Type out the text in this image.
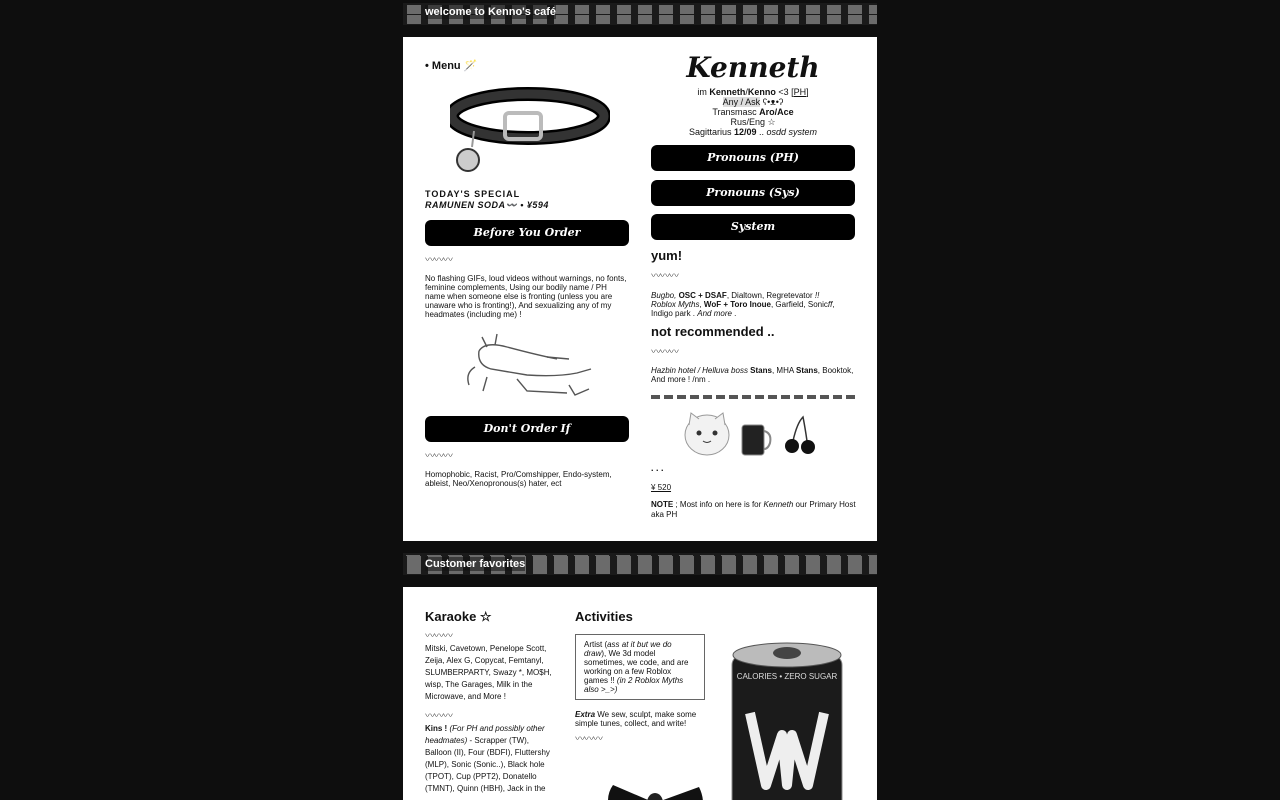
welcome to Kenno's café
• Menu 🪄
TODAY'S SPECIAL
RAMUNEN SODA〰️ • ¥594
Before You Order
〰〰〰
No flashing GIFs, loud videos without warnings, no fonts, feminine complements, Using our bodily name / PH name when someone else is fronting (unless you are unaware who is fronting!), And sexualizing any of my headmates (including me) !
Don't Order If
〰〰〰
Homophobic, Racist, Pro/Comshipper, Endo-system, ableist, Neo/Xenopronous(s) hater, ect
Kenneth
im Kenneth/Kenno <3 [PH]
Any / Ask ʕ•ᴥ•ʔ
Transmasc Aro/Ace
Rus/Eng ☆
Sagittarius 12/09 .. osdd system
Pronouns (PH)
Pronouns (Sys)
System
yum!
〰〰〰
Bugbo, OSC + DSAF, Dialtown, Regretevator !! Roblox Myths, WoF + Toro Inoue, Garfield, Sonicff, Indigo park . And more .
not recommended ..
〰〰〰
Hazbin hotel / Helluva boss Stans, MHA Stans, Booktok, And more ! /nm .
. . .
¥ 520
NOTE ; Most info on here is for Kenneth our Primary Host aka PH
Customer favorites
Karaoke ☆
〰〰〰
Mitski, Cavetown, Penelope Scott, Zeija, Alex G, Copycat, Femtanyl, SLUMBERPARTY, Swazy *, MO$H, wisp, The Garages, Milk in the Microwave, and More !
〰〰〰
Kins ! (For PH and possibly other headmates) - Scrapper (TW), Balloon (II), Four (BDFI), Fluttershy (MLP), Sonic (Sonic..), Black hole (TPOT), Cup (PPT2), Donatello (TMNT), Quinn (HBH), Jack in the
Activities
Artist (ass at it but we do draw), We 3d model sometimes, we code, and are working on a few Roblox games !! (in 2 Roblox Myths also >_>)
Extra We sew, sculpt, make some simple tunes, collect, and write!
〰〰〰
CALORIES • ZERO SUGAR
